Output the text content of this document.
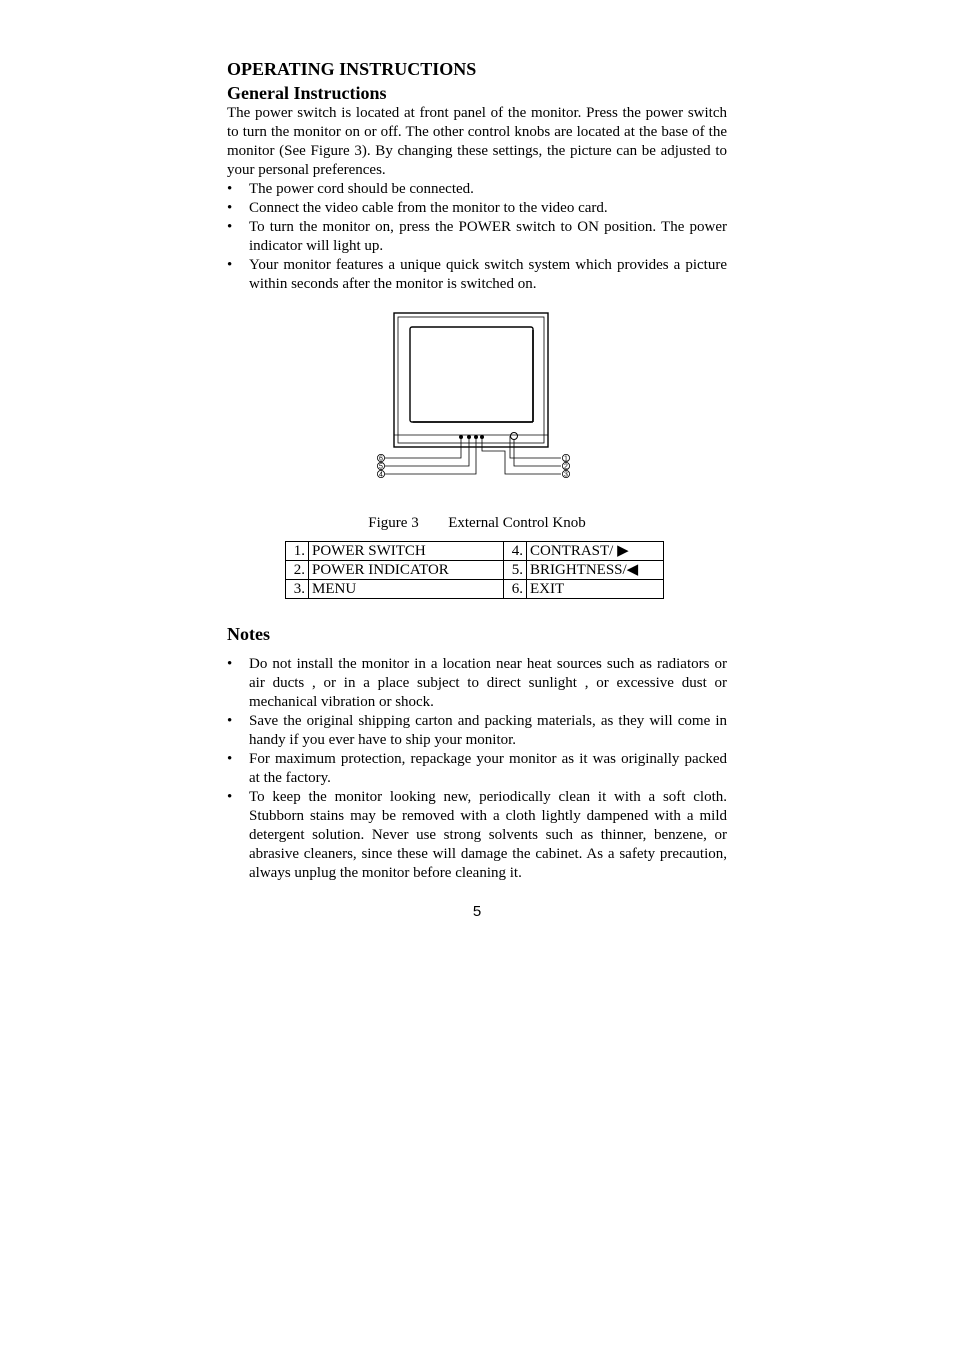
OPERATING INSTRUCTIONS
General Instructions

The power switch is located at front panel of the monitor. Press the power switch to turn the monitor on or off. The other control knobs are located at the base of the monitor (See Figure 3). By changing these settings, the picture can be adjusted to your personal preferences.

• The power cord should be connected.
• Connect the video cable from the monitor to the video card.
• To turn the monitor on, press the POWER switch to ON position. The power indicator will light up.
• Your monitor features a unique quick switch system which provides a picture within seconds after the monitor is switched on.
6
5
4
1
2
3
Figure 3 External Control Knob
1.	POWER SWITCH	4.	CONTRAST/ ▶
2.	POWER INDICATOR	5.	BRIGHTNESS/◀
3.	MENU	6.	EXIT
Notes
• Do not install the monitor in a location near heat sources such as radiators or air ducts , or in a place subject to direct sunlight , or excessive dust or mechanical vibration or shock.
• Save the original shipping carton and packing materials, as they will come in handy if you ever have to ship your monitor.
• For maximum protection, repackage your monitor as it was originally packed at the factory.
• To keep the monitor looking new, periodically clean it with a soft cloth. Stubborn stains may be removed with a cloth lightly dampened with a mild detergent solution. Never use strong solvents such as thinner, benzene, or abrasive cleaners, since these will damage the cabinet. As a safety precaution, always unplug the monitor before cleaning it.
5
